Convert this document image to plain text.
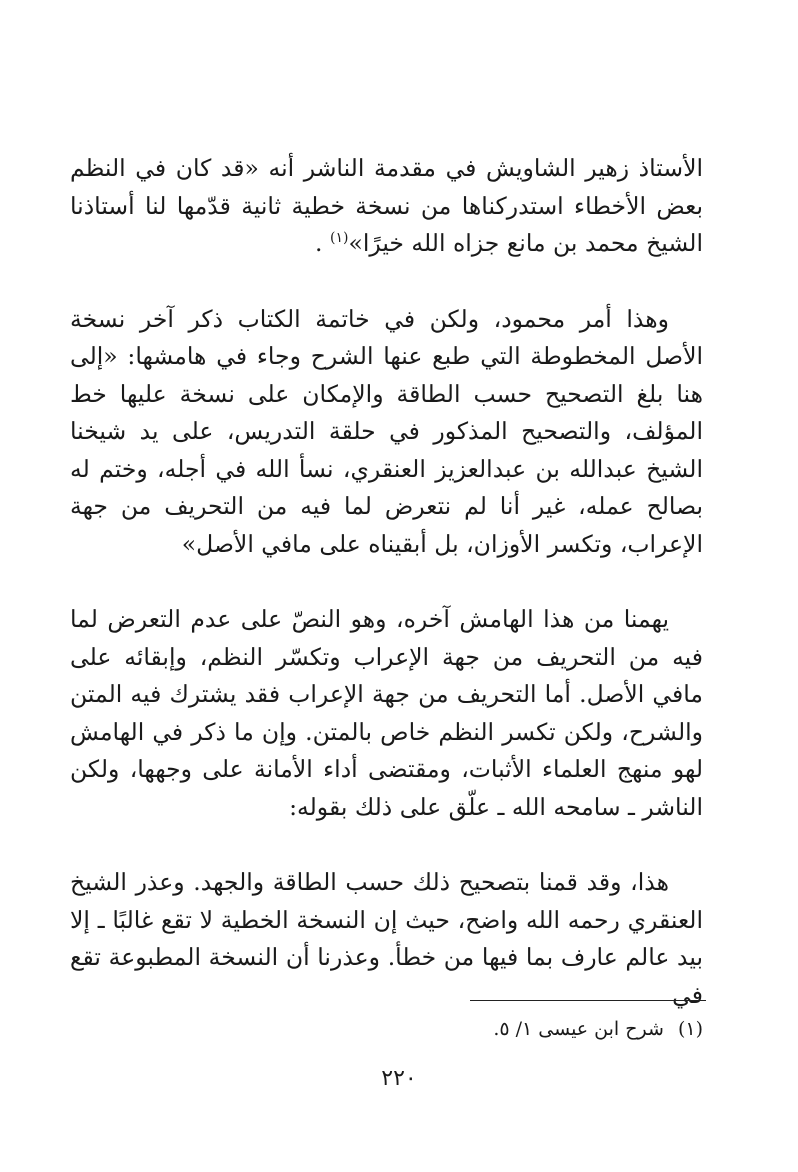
الأستاذ زهير الشاويش في مقدمة الناشر أنه «قد كان في النظم بعض الأخطاء استدركناها من نسخة خطية ثانية قدّمها لنا أستاذنا الشيخ محمد بن مانع جزاه الله خيرًا»$^{(١)}$ .

وهذا أمر محمود، ولكن في خاتمة الكتاب ذكر آخر نسخة الأصل المخطوطة التي طبع عنها الشرح وجاء في هامشها: «إلى هنا بلغ التصحيح حسب الطاقة والإمكان على نسخة عليها خط المؤلف، والتصحيح المذكور في حلقة التدريس، على يد شيخنا الشيخ عبدالله بن عبدالعزيز العنقري، نسأ الله في أجله، وختم له بصالح عمله، غير أنا لم نتعرض لما فيه من التحريف من جهة الإعراب، وتكسر الأوزان، بل أبقيناه على مافي الأصل»

يهمنا من هذا الهامش آخره، وهو النصّ على عدم التعرض لما فيه من التحريف من جهة الإعراب وتكسّر النظم، وإبقائه على مافي الأصل. أما التحريف من جهة الإعراب فقد يشترك فيه المتن والشرح، ولكن تكسر النظم خاص بالمتن. وإن ما ذكر في الهامش لهو منهج العلماء الأثبات، ومقتضى أداء الأمانة على وجهها، ولكن الناشر ـ سامحه الله ـ علّق على ذلك بقوله:

هذا، وقد قمنا بتصحيح ذلك حسب الطاقة والجهد. وعذر الشيخ العنقري رحمه الله واضح، حيث إن النسخة الخطية لا تقع غالبًا ـ إلا بيد عالم عارف بما فيها من خطأ. وعذرنا أن النسخة المطبوعة تقع في

(١)شرح ابن عيسى ١/ ٥.

٢٢٠
